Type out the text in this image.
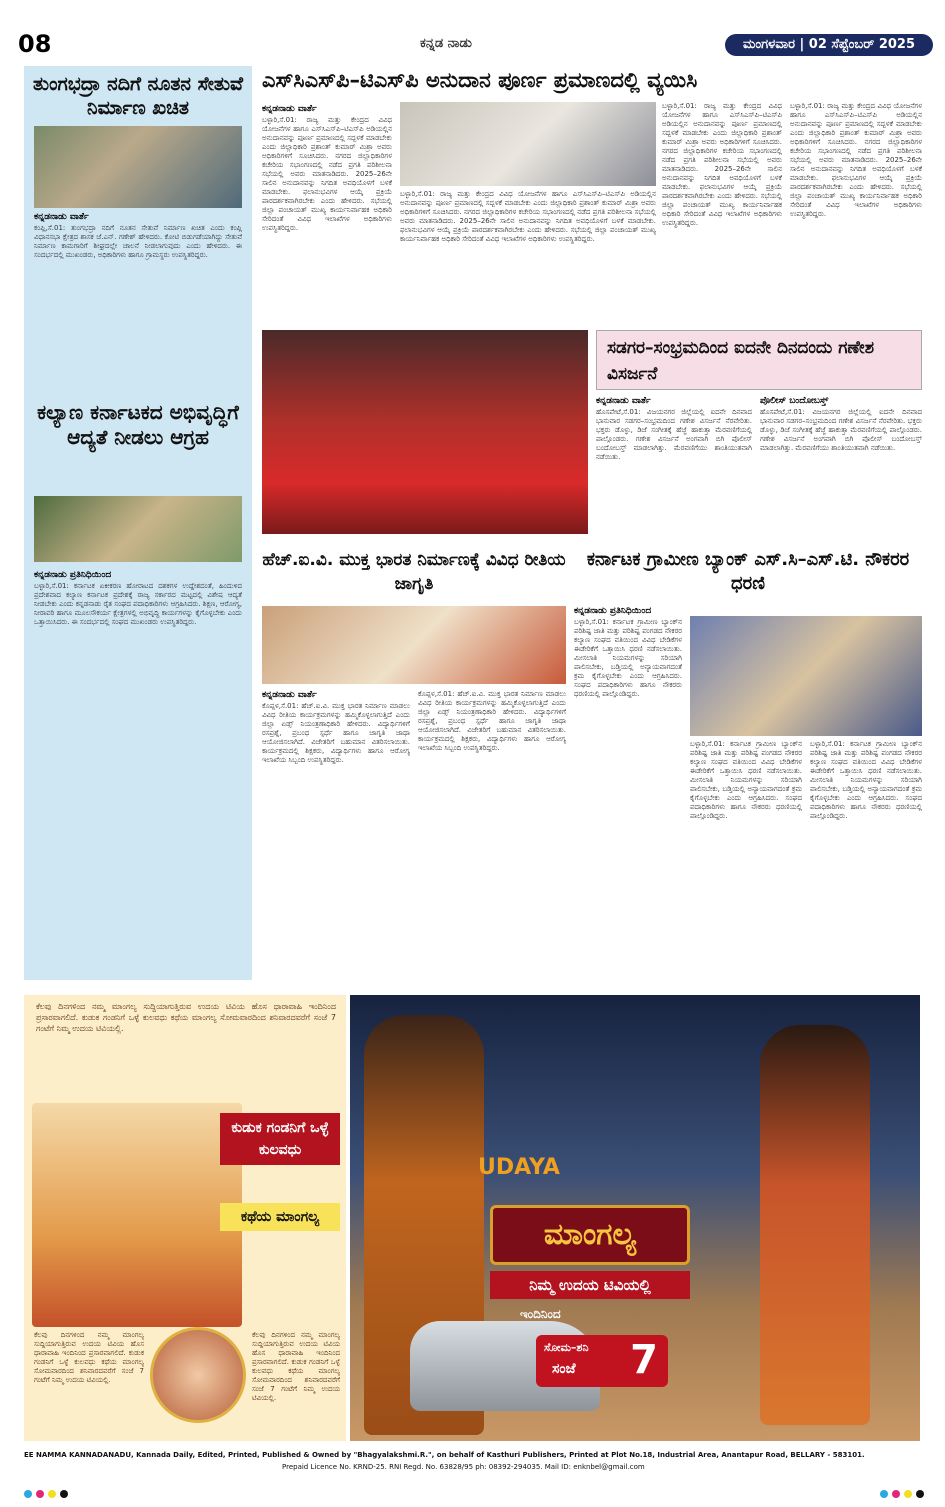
08	ಕನ್ನಡ ನಾಡು	ಮಂಗಳವಾರ | 02 ಸೆಪ್ಟೆಂಬರ್ 2025
ತುಂಗಭದ್ರಾ ನದಿಗೆ ನೂತನ ಸೇತುವೆ ನಿರ್ಮಾಣ ಖಚಿತ
ಕನ್ನಡನಾಡು ವಾರ್ತೆ
ಕಂಪ್ಲಿ,ಸೆ.01: ತುಂಗಭದ್ರಾ ನದಿಗೆ ನೂತನ ಸೇತುವೆ ನಿರ್ಮಾಣ ಖಚಿತ ಎಂದು ಕಂಪ್ಲಿ ವಿಧಾನಸಭಾ ಕ್ಷೇತ್ರದ ಶಾಸಕ ಜೆ.ಎನ್. ಗಣೇಶ್ ಹೇಳಿದರು. ಕೋಟಿ ಬಿಡುಗಡೆಯಾಗಿದ್ದು ಸೇತುವೆ ನಿರ್ಮಾಣ ಕಾಮಗಾರಿಗೆ ಶೀಘ್ರದಲ್ಲೇ ಚಾಲನೆ ನೀಡಲಾಗುವುದು ಎಂದು ಹೇಳಿದರು. ಈ ಸಂದರ್ಭದಲ್ಲಿ ಮುಖಂಡರು, ಅಧಿಕಾರಿಗಳು ಹಾಗೂ ಗ್ರಾಮಸ್ಥರು ಉಪಸ್ಥಿತರಿದ್ದರು.
ಕಲ್ಯಾಣ ಕರ್ನಾಟಕದ ಅಭಿವೃದ್ಧಿಗೆ ಆದ್ಯತೆ ನೀಡಲು ಆಗ್ರಹ
ಕನ್ನಡನಾಡು ಪ್ರತಿನಿಧಿಯಿಂದ
ಬಳ್ಳಾರಿ,ಸೆ.01: ಕರ್ನಾಟಕ ಏಕೀಕರಣ ಹೋರಾಟದ ದಶಕಗಳ ಉದ್ದೇಶದಂತೆ, ಹಿಂದುಳಿದ ಪ್ರದೇಶವಾದ ಕಲ್ಯಾಣ ಕರ್ನಾಟಕ ಪ್ರದೇಶಕ್ಕೆ ರಾಜ್ಯ ಸರ್ಕಾರದ ಮಟ್ಟದಲ್ಲಿ ವಿಶೇಷ ಆದ್ಯತೆ ನೀಡಬೇಕು ಎಂದು ಕನ್ನಡನಾಡು ರೈತ ಸಂಘದ ಪದಾಧಿಕಾರಿಗಳು ಆಗ್ರಹಿಸಿದರು. ಶಿಕ್ಷಣ, ಆರೋಗ್ಯ, ನೀರಾವರಿ ಹಾಗೂ ಮೂಲಸೌಕರ್ಯ ಕ್ಷೇತ್ರಗಳಲ್ಲಿ ಅಭಿವೃದ್ಧಿ ಕಾರ್ಯಗಳನ್ನು ಕೈಗೊಳ್ಳಬೇಕು ಎಂದು ಒತ್ತಾಯಿಸಿದರು. ಈ ಸಂದರ್ಭದಲ್ಲಿ ಸಂಘದ ಮುಖಂಡರು ಉಪಸ್ಥಿತರಿದ್ದರು.
ಎಸ್‌ಸಿಎಸ್‌ಪಿ–ಟಿಎಸ್‌ಪಿ ಅನುದಾನ ಪೂರ್ಣ ಪ್ರಮಾಣದಲ್ಲಿ ವ್ಯಯಿಸಿ
ಕನ್ನಡನಾಡು ವಾರ್ತೆ
ಬಳ್ಳಾರಿ,ಸೆ.01: ರಾಜ್ಯ ಮತ್ತು ಕೇಂದ್ರದ ವಿವಿಧ ಯೋಜನೆಗಳ ಹಾಗೂ ಎಸ್‌ಸಿಎಸ್‌ಪಿ–ಟಿಎಸ್‌ಪಿ ಅಡಿಯಲ್ಲಿನ ಅನುದಾನವನ್ನು ಪೂರ್ಣ ಪ್ರಮಾಣದಲ್ಲಿ ಸದ್ಬಳಕೆ ಮಾಡಬೇಕು ಎಂದು ಜಿಲ್ಲಾಧಿಕಾರಿ ಪ್ರಶಾಂತ್ ಕುಮಾರ್ ಮಿಶ್ರಾ ಅವರು ಅಧಿಕಾರಿಗಳಿಗೆ ಸೂಚಿಸಿದರು. ನಗರದ ಜಿಲ್ಲಾಧಿಕಾರಿಗಳ ಕಚೇರಿಯ ಸಭಾಂಗಣದಲ್ಲಿ ನಡೆದ ಪ್ರಗತಿ ಪರಿಶೀಲನಾ ಸಭೆಯಲ್ಲಿ ಅವರು ಮಾತನಾಡಿದರು. 2025–26ನೇ ಸಾಲಿನ ಅನುದಾನವನ್ನು ನಿಗದಿತ ಅವಧಿಯೊಳಗೆ ಬಳಕೆ ಮಾಡಬೇಕು. ಫಲಾನುಭವಿಗಳ ಆಯ್ಕೆ ಪ್ರಕ್ರಿಯೆ ಪಾರದರ್ಶಕವಾಗಿರಬೇಕು ಎಂದು ಹೇಳಿದರು. ಸಭೆಯಲ್ಲಿ ಜಿಲ್ಲಾ ಪಂಚಾಯತ್ ಮುಖ್ಯ ಕಾರ್ಯನಿರ್ವಾಹಕ ಅಧಿಕಾರಿ ಸೇರಿದಂತೆ ವಿವಿಧ ಇಲಾಖೆಗಳ ಅಧಿಕಾರಿಗಳು ಉಪಸ್ಥಿತರಿದ್ದರು.
ಬಳ್ಳಾರಿ,ಸೆ.01: ರಾಜ್ಯ ಮತ್ತು ಕೇಂದ್ರದ ವಿವಿಧ ಯೋಜನೆಗಳ ಹಾಗೂ ಎಸ್‌ಸಿಎಸ್‌ಪಿ–ಟಿಎಸ್‌ಪಿ ಅಡಿಯಲ್ಲಿನ ಅನುದಾನವನ್ನು ಪೂರ್ಣ ಪ್ರಮಾಣದಲ್ಲಿ ಸದ್ಬಳಕೆ ಮಾಡಬೇಕು ಎಂದು ಜಿಲ್ಲಾಧಿಕಾರಿ ಪ್ರಶಾಂತ್ ಕುಮಾರ್ ಮಿಶ್ರಾ ಅವರು ಅಧಿಕಾರಿಗಳಿಗೆ ಸೂಚಿಸಿದರು. ನಗರದ ಜಿಲ್ಲಾಧಿಕಾರಿಗಳ ಕಚೇರಿಯ ಸಭಾಂಗಣದಲ್ಲಿ ನಡೆದ ಪ್ರಗತಿ ಪರಿಶೀಲನಾ ಸಭೆಯಲ್ಲಿ ಅವರು ಮಾತನಾಡಿದರು. 2025–26ನೇ ಸಾಲಿನ ಅನುದಾನವನ್ನು ನಿಗದಿತ ಅವಧಿಯೊಳಗೆ ಬಳಕೆ ಮಾಡಬೇಕು. ಫಲಾನುಭವಿಗಳ ಆಯ್ಕೆ ಪ್ರಕ್ರಿಯೆ ಪಾರದರ್ಶಕವಾಗಿರಬೇಕು ಎಂದು ಹೇಳಿದರು. ಸಭೆಯಲ್ಲಿ ಜಿಲ್ಲಾ ಪಂಚಾಯತ್ ಮುಖ್ಯ ಕಾರ್ಯನಿರ್ವಾಹಕ ಅಧಿಕಾರಿ ಸೇರಿದಂತೆ ವಿವಿಧ ಇಲಾಖೆಗಳ ಅಧಿಕಾರಿಗಳು ಉಪಸ್ಥಿತರಿದ್ದರು.
ಬಳ್ಳಾರಿ,ಸೆ.01: ರಾಜ್ಯ ಮತ್ತು ಕೇಂದ್ರದ ವಿವಿಧ ಯೋಜನೆಗಳ ಹಾಗೂ ಎಸ್‌ಸಿಎಸ್‌ಪಿ–ಟಿಎಸ್‌ಪಿ ಅಡಿಯಲ್ಲಿನ ಅನುದಾನವನ್ನು ಪೂರ್ಣ ಪ್ರಮಾಣದಲ್ಲಿ ಸದ್ಬಳಕೆ ಮಾಡಬೇಕು ಎಂದು ಜಿಲ್ಲಾಧಿಕಾರಿ ಪ್ರಶಾಂತ್ ಕುಮಾರ್ ಮಿಶ್ರಾ ಅವರು ಅಧಿಕಾರಿಗಳಿಗೆ ಸೂಚಿಸಿದರು. ನಗರದ ಜಿಲ್ಲಾಧಿಕಾರಿಗಳ ಕಚೇರಿಯ ಸಭಾಂಗಣದಲ್ಲಿ ನಡೆದ ಪ್ರಗತಿ ಪರಿಶೀಲನಾ ಸಭೆಯಲ್ಲಿ ಅವರು ಮಾತನಾಡಿದರು. 2025–26ನೇ ಸಾಲಿನ ಅನುದಾನವನ್ನು ನಿಗದಿತ ಅವಧಿಯೊಳಗೆ ಬಳಕೆ ಮಾಡಬೇಕು. ಫಲಾನುಭವಿಗಳ ಆಯ್ಕೆ ಪ್ರಕ್ರಿಯೆ ಪಾರದರ್ಶಕವಾಗಿರಬೇಕು ಎಂದು ಹೇಳಿದರು. ಸಭೆಯಲ್ಲಿ ಜಿಲ್ಲಾ ಪಂಚಾಯತ್ ಮುಖ್ಯ ಕಾರ್ಯನಿರ್ವಾಹಕ ಅಧಿಕಾರಿ ಸೇರಿದಂತೆ ವಿವಿಧ ಇಲಾಖೆಗಳ ಅಧಿಕಾರಿಗಳು ಉಪಸ್ಥಿತರಿದ್ದರು.
ಬಳ್ಳಾರಿ,ಸೆ.01: ರಾಜ್ಯ ಮತ್ತು ಕೇಂದ್ರದ ವಿವಿಧ ಯೋಜನೆಗಳ ಹಾಗೂ ಎಸ್‌ಸಿಎಸ್‌ಪಿ–ಟಿಎಸ್‌ಪಿ ಅಡಿಯಲ್ಲಿನ ಅನುದಾನವನ್ನು ಪೂರ್ಣ ಪ್ರಮಾಣದಲ್ಲಿ ಸದ್ಬಳಕೆ ಮಾಡಬೇಕು ಎಂದು ಜಿಲ್ಲಾಧಿಕಾರಿ ಪ್ರಶಾಂತ್ ಕುಮಾರ್ ಮಿಶ್ರಾ ಅವರು ಅಧಿಕಾರಿಗಳಿಗೆ ಸೂಚಿಸಿದರು. ನಗರದ ಜಿಲ್ಲಾಧಿಕಾರಿಗಳ ಕಚೇರಿಯ ಸಭಾಂಗಣದಲ್ಲಿ ನಡೆದ ಪ್ರಗತಿ ಪರಿಶೀಲನಾ ಸಭೆಯಲ್ಲಿ ಅವರು ಮಾತನಾಡಿದರು. 2025–26ನೇ ಸಾಲಿನ ಅನುದಾನವನ್ನು ನಿಗದಿತ ಅವಧಿಯೊಳಗೆ ಬಳಕೆ ಮಾಡಬೇಕು. ಫಲಾನುಭವಿಗಳ ಆಯ್ಕೆ ಪ್ರಕ್ರಿಯೆ ಪಾರದರ್ಶಕವಾಗಿರಬೇಕು ಎಂದು ಹೇಳಿದರು. ಸಭೆಯಲ್ಲಿ ಜಿಲ್ಲಾ ಪಂಚಾಯತ್ ಮುಖ್ಯ ಕಾರ್ಯನಿರ್ವಾಹಕ ಅಧಿಕಾರಿ ಸೇರಿದಂತೆ ವಿವಿಧ ಇಲಾಖೆಗಳ ಅಧಿಕಾರಿಗಳು ಉಪಸ್ಥಿತರಿದ್ದರು.
ಸಡಗರ–ಸಂಭ್ರಮದಿಂದ ಐದನೇ ದಿನದಂದು ಗಣೇಶ ವಿಸರ್ಜನೆ
ಕನ್ನಡನಾಡು ವಾರ್ತೆ
ಹೊಸಪೇಟೆ,ಸೆ.01: ವಿಜಯನಗರ ಜಿಲ್ಲೆಯಲ್ಲಿ ಐದನೇ ದಿನವಾದ ಭಾನುವಾರ ಸಡಗರ–ಸಂಭ್ರಮದಿಂದ ಗಣೇಶ ವಿಸರ್ಜನೆ ನೆರವೇರಿತು. ಭಕ್ತರು ಡೊಳ್ಳು, ಡಿಜೆ ಸಂಗೀತಕ್ಕೆ ಹೆಜ್ಜೆ ಹಾಕುತ್ತಾ ಮೆರವಣಿಗೆಯಲ್ಲಿ ಪಾಲ್ಗೊಂಡರು. ಗಣೇಶ ವಿಸರ್ಜನೆ ಅಂಗವಾಗಿ ಬಿಗಿ ಪೊಲೀಸ್ ಬಂದೋಬಸ್ತ್ ಮಾಡಲಾಗಿತ್ತು. ಮೆರವಣಿಗೆಯು ಶಾಂತಿಯುತವಾಗಿ ನಡೆಯಿತು.
ಪೊಲೀಸ್ ಬಂದೋಬಸ್ತ್
ಹೊಸಪೇಟೆ,ಸೆ.01: ವಿಜಯನಗರ ಜಿಲ್ಲೆಯಲ್ಲಿ ಐದನೇ ದಿನವಾದ ಭಾನುವಾರ ಸಡಗರ–ಸಂಭ್ರಮದಿಂದ ಗಣೇಶ ವಿಸರ್ಜನೆ ನೆರವೇರಿತು. ಭಕ್ತರು ಡೊಳ್ಳು, ಡಿಜೆ ಸಂಗೀತಕ್ಕೆ ಹೆಜ್ಜೆ ಹಾಕುತ್ತಾ ಮೆರವಣಿಗೆಯಲ್ಲಿ ಪಾಲ್ಗೊಂಡರು. ಗಣೇಶ ವಿಸರ್ಜನೆ ಅಂಗವಾಗಿ ಬಿಗಿ ಪೊಲೀಸ್ ಬಂದೋಬಸ್ತ್ ಮಾಡಲಾಗಿತ್ತು. ಮೆರವಣಿಗೆಯು ಶಾಂತಿಯುತವಾಗಿ ನಡೆಯಿತು.
ಹೆಚ್.ಐ.ವಿ. ಮುಕ್ತ ಭಾರತ ನಿರ್ಮಾಣಕ್ಕೆ ವಿವಿಧ ರೀತಿಯ ಜಾಗೃತಿ
ಕನ್ನಡನಾಡು ವಾರ್ತೆ
ಕೊಪ್ಪಳ,ಸೆ.01: ಹೆಚ್.ಐ.ವಿ. ಮುಕ್ತ ಭಾರತ ನಿರ್ಮಾಣ ಮಾಡಲು ವಿವಿಧ ರೀತಿಯ ಕಾರ್ಯಕ್ರಮಗಳನ್ನು ಹಮ್ಮಿಕೊಳ್ಳಲಾಗುತ್ತಿದೆ ಎಂದು ಜಿಲ್ಲಾ ಏಡ್ಸ್ ನಿಯಂತ್ರಣಾಧಿಕಾರಿ ಹೇಳಿದರು. ವಿದ್ಯಾರ್ಥಿಗಳಿಗೆ ರಸಪ್ರಶ್ನೆ, ಪ್ರಬಂಧ ಸ್ಪರ್ಧೆ ಹಾಗೂ ಜಾಗೃತಿ ಜಾಥಾ ಆಯೋಜಿಸಲಾಗಿದೆ. ವಿಜೇತರಿಗೆ ಬಹುಮಾನ ವಿತರಿಸಲಾಯಿತು. ಕಾರ್ಯಕ್ರಮದಲ್ಲಿ ಶಿಕ್ಷಕರು, ವಿದ್ಯಾರ್ಥಿಗಳು ಹಾಗೂ ಆರೋಗ್ಯ ಇಲಾಖೆಯ ಸಿಬ್ಬಂದಿ ಉಪಸ್ಥಿತರಿದ್ದರು.
ಕೊಪ್ಪಳ,ಸೆ.01: ಹೆಚ್.ಐ.ವಿ. ಮುಕ್ತ ಭಾರತ ನಿರ್ಮಾಣ ಮಾಡಲು ವಿವಿಧ ರೀತಿಯ ಕಾರ್ಯಕ್ರಮಗಳನ್ನು ಹಮ್ಮಿಕೊಳ್ಳಲಾಗುತ್ತಿದೆ ಎಂದು ಜಿಲ್ಲಾ ಏಡ್ಸ್ ನಿಯಂತ್ರಣಾಧಿಕಾರಿ ಹೇಳಿದರು. ವಿದ್ಯಾರ್ಥಿಗಳಿಗೆ ರಸಪ್ರಶ್ನೆ, ಪ್ರಬಂಧ ಸ್ಪರ್ಧೆ ಹಾಗೂ ಜಾಗೃತಿ ಜಾಥಾ ಆಯೋಜಿಸಲಾಗಿದೆ. ವಿಜೇತರಿಗೆ ಬಹುಮಾನ ವಿತರಿಸಲಾಯಿತು. ಕಾರ್ಯಕ್ರಮದಲ್ಲಿ ಶಿಕ್ಷಕರು, ವಿದ್ಯಾರ್ಥಿಗಳು ಹಾಗೂ ಆರೋಗ್ಯ ಇಲಾಖೆಯ ಸಿಬ್ಬಂದಿ ಉಪಸ್ಥಿತರಿದ್ದರು.
ಕರ್ನಾಟಕ ಗ್ರಾಮೀಣ ಬ್ಯಾಂಕ್ ಎಸ್.ಸಿ–ಎಸ್.ಟಿ. ನೌಕರರ ಧರಣಿ
ಕನ್ನಡನಾಡು ಪ್ರತಿನಿಧಿಯಿಂದ
ಬಳ್ಳಾರಿ,ಸೆ.01: ಕರ್ನಾಟಕ ಗ್ರಾಮೀಣ ಬ್ಯಾಂಕ್‌ನ ಪರಿಶಿಷ್ಟ ಜಾತಿ ಮತ್ತು ಪರಿಶಿಷ್ಟ ಪಂಗಡದ ನೌಕರರ ಕಲ್ಯಾಣ ಸಂಘದ ವತಿಯಿಂದ ವಿವಿಧ ಬೇಡಿಕೆಗಳ ಈಡೇರಿಕೆಗೆ ಒತ್ತಾಯಿಸಿ ಧರಣಿ ನಡೆಸಲಾಯಿತು. ಮೀಸಲಾತಿ ನಿಯಮಗಳನ್ನು ಸರಿಯಾಗಿ ಪಾಲಿಸಬೇಕು, ಬಡ್ತಿಯಲ್ಲಿ ಅನ್ಯಾಯವಾಗದಂತೆ ಕ್ರಮ ಕೈಗೊಳ್ಳಬೇಕು ಎಂದು ಆಗ್ರಹಿಸಿದರು. ಸಂಘದ ಪದಾಧಿಕಾರಿಗಳು ಹಾಗೂ ನೌಕರರು ಧರಣಿಯಲ್ಲಿ ಪಾಲ್ಗೊಂಡಿದ್ದರು.
ಬಳ್ಳಾರಿ,ಸೆ.01: ಕರ್ನಾಟಕ ಗ್ರಾಮೀಣ ಬ್ಯಾಂಕ್‌ನ ಪರಿಶಿಷ್ಟ ಜಾತಿ ಮತ್ತು ಪರಿಶಿಷ್ಟ ಪಂಗಡದ ನೌಕರರ ಕಲ್ಯಾಣ ಸಂಘದ ವತಿಯಿಂದ ವಿವಿಧ ಬೇಡಿಕೆಗಳ ಈಡೇರಿಕೆಗೆ ಒತ್ತಾಯಿಸಿ ಧರಣಿ ನಡೆಸಲಾಯಿತು. ಮೀಸಲಾತಿ ನಿಯಮಗಳನ್ನು ಸರಿಯಾಗಿ ಪಾಲಿಸಬೇಕು, ಬಡ್ತಿಯಲ್ಲಿ ಅನ್ಯಾಯವಾಗದಂತೆ ಕ್ರಮ ಕೈಗೊಳ್ಳಬೇಕು ಎಂದು ಆಗ್ರಹಿಸಿದರು. ಸಂಘದ ಪದಾಧಿಕಾರಿಗಳು ಹಾಗೂ ನೌಕರರು ಧರಣಿಯಲ್ಲಿ ಪಾಲ್ಗೊಂಡಿದ್ದರು.
ಬಳ್ಳಾರಿ,ಸೆ.01: ಕರ್ನಾಟಕ ಗ್ರಾಮೀಣ ಬ್ಯಾಂಕ್‌ನ ಪರಿಶಿಷ್ಟ ಜಾತಿ ಮತ್ತು ಪರಿಶಿಷ್ಟ ಪಂಗಡದ ನೌಕರರ ಕಲ್ಯಾಣ ಸಂಘದ ವತಿಯಿಂದ ವಿವಿಧ ಬೇಡಿಕೆಗಳ ಈಡೇರಿಕೆಗೆ ಒತ್ತಾಯಿಸಿ ಧರಣಿ ನಡೆಸಲಾಯಿತು. ಮೀಸಲಾತಿ ನಿಯಮಗಳನ್ನು ಸರಿಯಾಗಿ ಪಾಲಿಸಬೇಕು, ಬಡ್ತಿಯಲ್ಲಿ ಅನ್ಯಾಯವಾಗದಂತೆ ಕ್ರಮ ಕೈಗೊಳ್ಳಬೇಕು ಎಂದು ಆಗ್ರಹಿಸಿದರು. ಸಂಘದ ಪದಾಧಿಕಾರಿಗಳು ಹಾಗೂ ನೌಕರರು ಧರಣಿಯಲ್ಲಿ ಪಾಲ್ಗೊಂಡಿದ್ದರು.
ಕೆಲವು ದಿನಗಳಿಂದ ನಮ್ಮ ಮಾಂಗಲ್ಯ ಸುದ್ದಿಯಾಗುತ್ತಿರುವ ಉದಯ ಟಿವಿಯ ಹೊಸ ಧಾರಾವಾಹಿ ಇಂದಿನಿಂದ ಪ್ರಸಾರವಾಗಲಿದೆ. ಕುಡುಕ ಗಂಡನಿಗೆ ಒಳ್ಳೆ ಕುಲವಧು ಕಥೆಯ ಮಾಂಗಲ್ಯ ಸೋಮವಾರದಿಂದ ಶನಿವಾರದವರೆಗೆ ಸಂಜೆ 7 ಗಂಟೆಗೆ ನಿಮ್ಮ ಉದಯ ಟಿವಿಯಲ್ಲಿ.
ಕುಡುಕ ಗಂಡನಿಗೆ ಒಳ್ಳೆ ಕುಲವಧು
ಕಥೆಯ ಮಾಂಗಲ್ಯ
ಕೆಲವು ದಿನಗಳಿಂದ ನಮ್ಮ ಮಾಂಗಲ್ಯ ಸುದ್ದಿಯಾಗುತ್ತಿರುವ ಉದಯ ಟಿವಿಯ ಹೊಸ ಧಾರಾವಾಹಿ ಇಂದಿನಿಂದ ಪ್ರಸಾರವಾಗಲಿದೆ. ಕುಡುಕ ಗಂಡನಿಗೆ ಒಳ್ಳೆ ಕುಲವಧು ಕಥೆಯ ಮಾಂಗಲ್ಯ ಸೋಮವಾರದಿಂದ ಶನಿವಾರದವರೆಗೆ ಸಂಜೆ 7 ಗಂಟೆಗೆ ನಿಮ್ಮ ಉದಯ ಟಿವಿಯಲ್ಲಿ.
ಕೆಲವು ದಿನಗಳಿಂದ ನಮ್ಮ ಮಾಂಗಲ್ಯ ಸುದ್ದಿಯಾಗುತ್ತಿರುವ ಉದಯ ಟಿವಿಯ ಹೊಸ ಧಾರಾವಾಹಿ ಇಂದಿನಿಂದ ಪ್ರಸಾರವಾಗಲಿದೆ. ಕುಡುಕ ಗಂಡನಿಗೆ ಒಳ್ಳೆ ಕುಲವಧು ಕಥೆಯ ಮಾಂಗಲ್ಯ ಸೋಮವಾರದಿಂದ ಶನಿವಾರದವರೆಗೆ ಸಂಜೆ 7 ಗಂಟೆಗೆ ನಿಮ್ಮ ಉದಯ ಟಿವಿಯಲ್ಲಿ.
UDAYA
ಮಾಂಗಲ್ಯ
ನಿಮ್ಮ ಉದಯ ಟಿವಿಯಲ್ಲಿ
ಇಂದಿನಿಂದ
ಸೋಮ–ಶನಿ
ಸಂಜೆ 7
EE NAMMA KANNADANADU, Kannada Daily, Edited, Printed, Published & Owned by "Bhagyalakshmi.R.", on behalf of Kasthuri Publishers, Printed at Plot No.18, Industrial Area, Anantapur Road, BELLARY - 583101.
Prepaid Licence No. KRND-25. RNI Regd. No. 63828/95 ph: 08392-294035. Mail ID: enknbel@gmail.com
